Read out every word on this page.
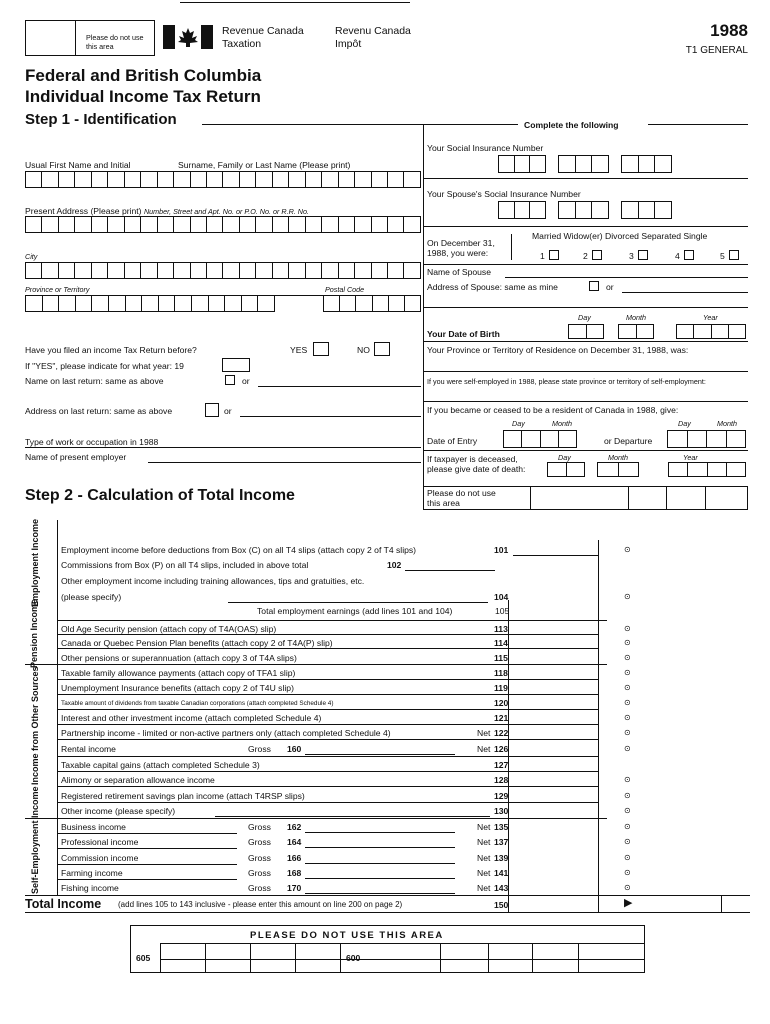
Please do not use this area
Revenue Canada
Taxation
Revenu Canada
Impôt
1988
T1 GENERAL
Federal and British Columbia
Individual Income Tax Return
Step 1 - Identification	Complete the following
Usual First Name and Initial	Surname, Family or Last Name (Please print)
Present Address (Please print) Number, Street and Apt. No. or P.O. No. or R.R. No.
City
Province or Territory	Postal Code
Have you filed an income Tax Return before?	YES	NO
If "YES", please indicate for what year: 19
Name on last return: same as above	or
Address on last return: same as above	or
Type of work or occupation in 1988
Name of present employer
Your Social Insurance Number
Your Spouse's Social Insurance Number
On December 31,
1988, you were:
Married Widow(er) Divorced Separated Single
1	2	3	4	5
Name of Spouse
Address of Spouse: same as mine	or
Day	Month	Year
Your Date of Birth
Your Province or Territory of Residence on December 31, 1988, was:
If you were self-employed in 1988, please state province or territory of self-employment:
If you became or ceased to be a resident of Canada in 1988, give:
Day	Month	Day	Month
Date of Entry	or Departure
If taxpayer is deceased,
please give date of death:
Day	Month	Year
Step 2 - Calculation of Total Income	Please do not use this area
Employment Income
Pension Income
Income from Other Sources
Self-Employment Income
Employment income before deductions from Box (C) on all T4 slips (attach copy 2 of T4 slips)	101	⊙
Commissions from Box (P) on all T4 slips, included in above total	102
Other employment income including training allowances, tips and gratuities, etc.
(please specify)	104	⊙
Total employment earnings (add lines 101 and 104)	105
Old Age Security pension (attach copy of T4A(OAS) slip)	113	⊙
Canada or Quebec Pension Plan benefits (attach copy 2 of T4A(P) slip)	114	⊙
Other pensions or superannuation (attach copy 3 of T4A slips)	115	⊙
Taxable family allowance payments (attach copy of TFA1 slip)	118	⊙
Unemployment Insurance benefits (attach copy 2 of T4U slip)	119	⊙
Taxable amount of dividends from taxable Canadian corporations (attach completed Schedule 4)	120	⊙
Interest and other investment income (attach completed Schedule 4)	121	⊙
Partnership income - limited or non-active partners only (attach completed Schedule 4)	Net 122	⊙
Rental income	Gross 160	Net 126	⊙
Taxable capital gains (attach completed Schedule 3)	127
Alimony or separation allowance income	128	⊙
Registered retirement savings plan income (attach T4RSP slips)	129	⊙
Other income (please specify)	130	⊙
Business income	Gross 162	Net 135	⊙
Professional income	Gross 164	Net 137	⊙
Commission income	Gross 166	Net 139	⊙
Farming income	Gross 168	Net 141	⊙
Fishing income	Gross 170	Net 143	⊙
Total Income (add lines 105 to 143 inclusive - please enter this amount on line 200 on page 2)	150	▶
PLEASE DO NOT USE THIS AREA
605	600
